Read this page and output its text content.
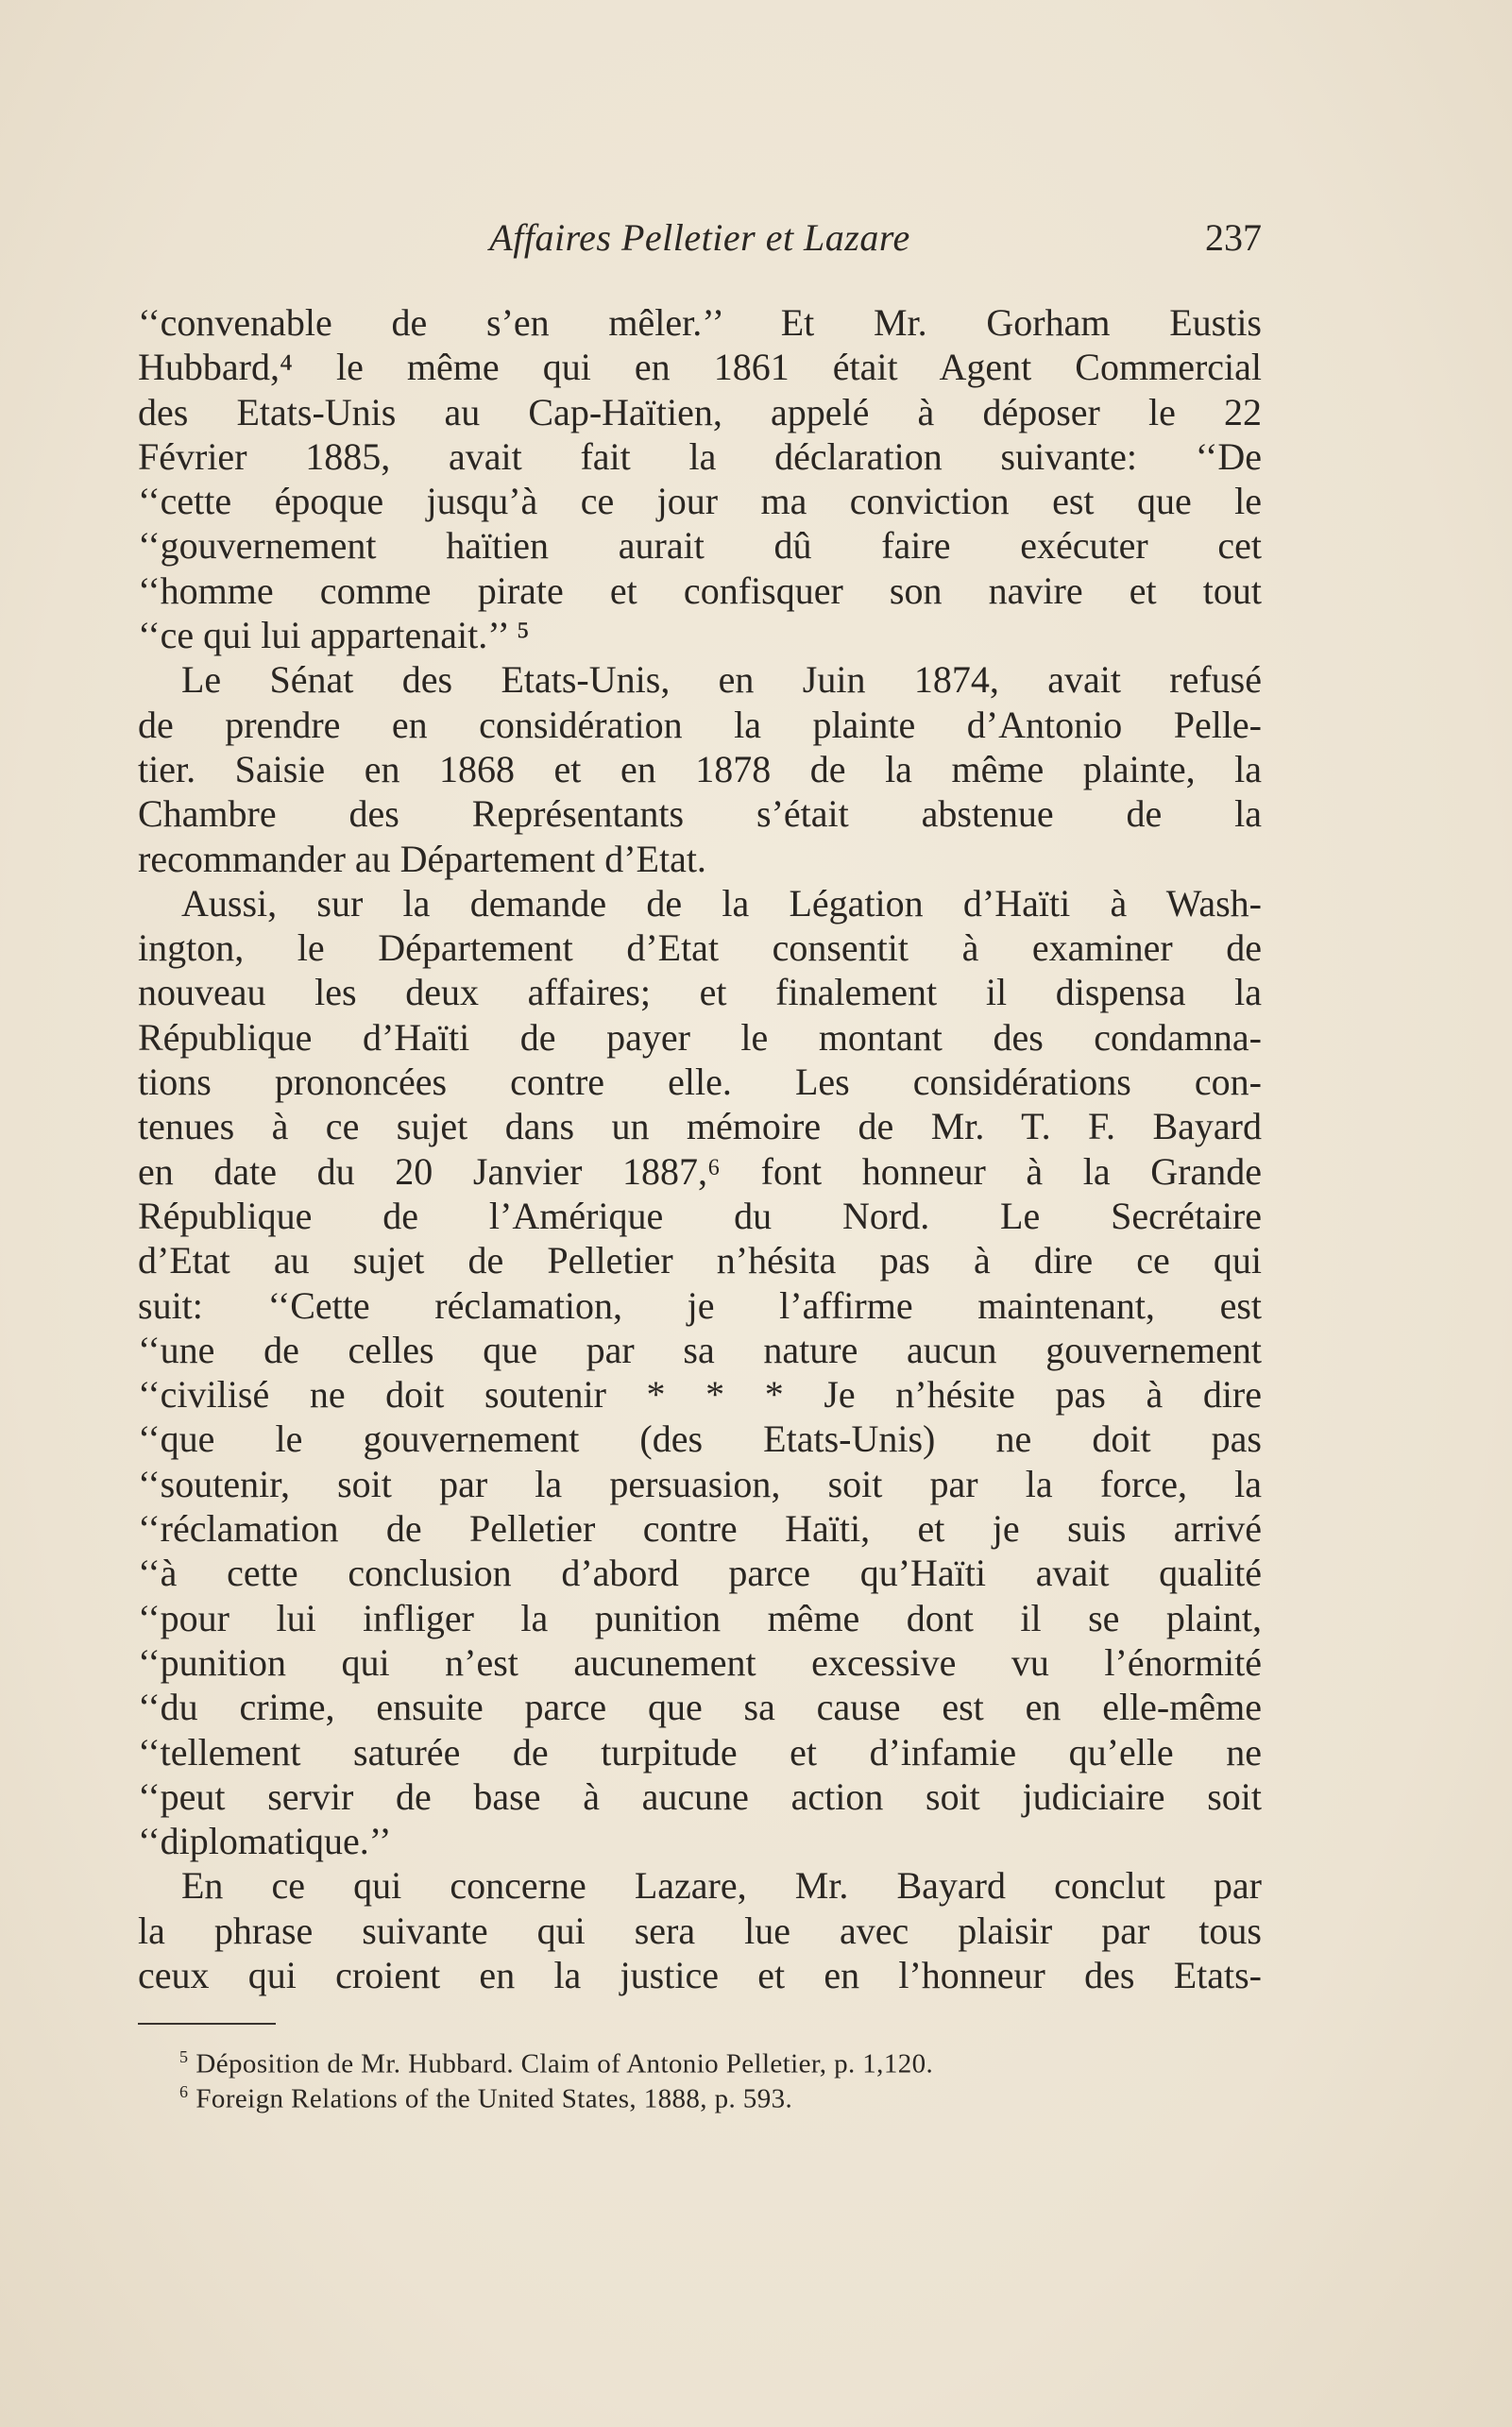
Affaires Pelletier et Lazare	237
‘‘convenable de s’en mêler.’’ Et Mr. Gorham Eustis
Hubbard,⁴ le même qui en 1861 était Agent Commercial
des Etats-Unis au Cap-Haïtien, appelé à déposer le 22
Février 1885, avait fait la déclaration suivante: ‘‘De
‘‘cette époque jusqu’à ce jour ma conviction est que le
‘‘gouvernement haïtien aurait dû faire exécuter cet
‘‘homme comme pirate et confisquer son navire et tout
‘‘ce qui lui appartenait.’’ ⁵
Le Sénat des Etats-Unis, en Juin 1874, avait refusé
de prendre en considération la plainte d’Antonio Pelle-
tier. Saisie en 1868 et en 1878 de la même plainte, la
Chambre des Représentants s’était abstenue de la
recommander au Département d’Etat.
Aussi, sur la demande de la Légation d’Haïti à Wash-
ington, le Département d’Etat consentit à examiner de
nouveau les deux affaires; et finalement il dispensa la
République d’Haïti de payer le montant des condamna-
tions prononcées contre elle. Les considérations con-
tenues à ce sujet dans un mémoire de Mr. T. F. Bayard
en date du 20 Janvier 1887,⁶ font honneur à la Grande
République de l’Amérique du Nord. Le Secrétaire
d’Etat au sujet de Pelletier n’hésita pas à dire ce qui
suit: ‘‘Cette réclamation, je l’affirme maintenant, est
‘‘une de celles que par sa nature aucun gouvernement
‘‘civilisé ne doit soutenir * * * Je n’hésite pas à dire
‘‘que le gouvernement (des Etats-Unis) ne doit pas
‘‘soutenir, soit par la persuasion, soit par la force, la
‘‘réclamation de Pelletier contre Haïti, et je suis arrivé
‘‘à cette conclusion d’abord parce qu’Haïti avait qualité
‘‘pour lui infliger la punition même dont il se plaint,
‘‘punition qui n’est aucunement excessive vu l’énormité
‘‘du crime, ensuite parce que sa cause est en elle-même
‘‘tellement saturée de turpitude et d’infamie qu’elle ne
‘‘peut servir de base à aucune action soit judiciaire soit
‘‘diplomatique.’’
En ce qui concerne Lazare, Mr. Bayard conclut par
la phrase suivante qui sera lue avec plaisir par tous
ceux qui croient en la justice et en l’honneur des Etats-
$^5$ Déposition de Mr. Hubbard. Claim of Antonio Pelletier, p. 1,120.
$^6$ Foreign Relations of the United States, 1888, p. 593.
